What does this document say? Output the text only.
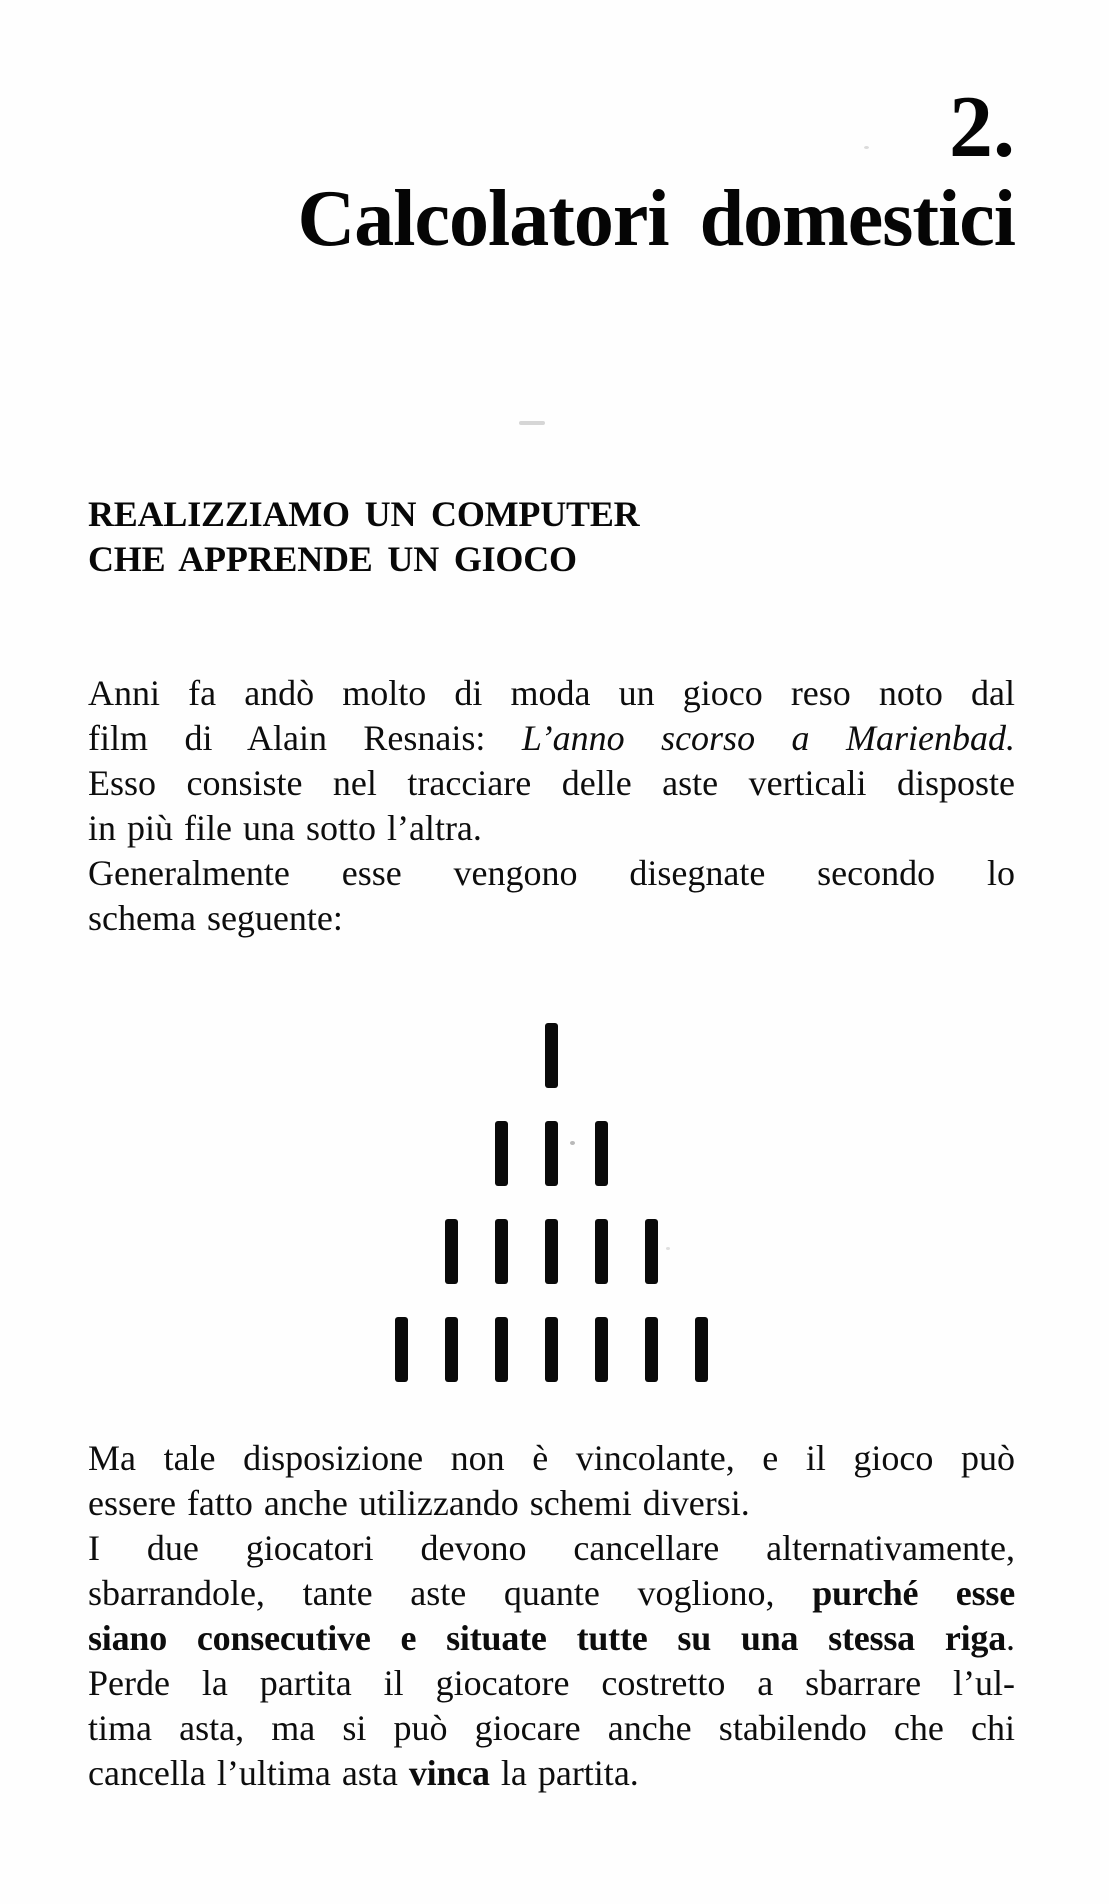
2.
Calcolatori domestici
REALIZZIAMO UN COMPUTER
CHE APPRENDE UN GIOCO
Anni fa andò molto di moda un gioco reso noto dal
film di Alain Resnais: L’anno scorso a Marienbad.
Esso consiste nel tracciare delle aste verticali disposte
in più file una sotto l’altra.
Generalmente esse vengono disegnate secondo lo
schema seguente:
Ma tale disposizione non è vincolante, e il gioco può
essere fatto anche utilizzando schemi diversi.
I due giocatori devono cancellare alternativamente,
sbarrandole, tante aste quante vogliono, purché esse
siano consecutive e situate tutte su una stessa riga.
Perde la partita il giocatore costretto a sbarrare l’ul-
tima asta, ma si può giocare anche stabilendo che chi
cancella l’ultima asta vinca la partita.
